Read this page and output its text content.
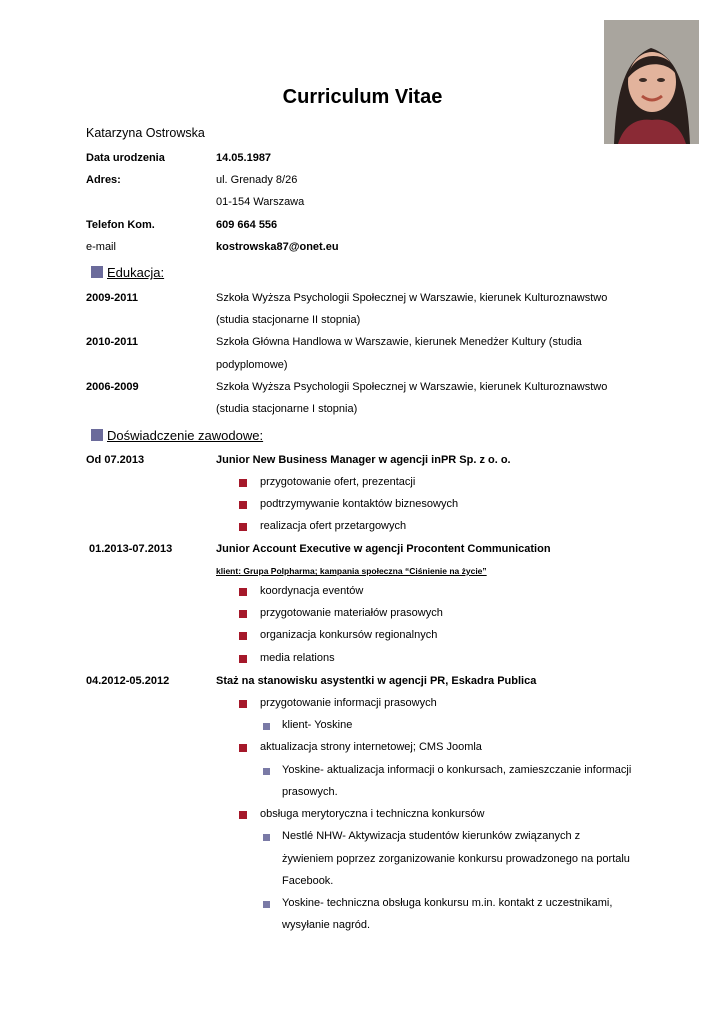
Curriculum Vitae
Katarzyna Ostrowska
Data urodzenia	14.05.1987
Adres:	ul. Grenady 8/26
01-154 Warszawa
Telefon Kom.	609 664 556
e-mail	kostrowska87@onet.eu
Edukacja:
2009-2011	Szkoła Wyższa Psychologii Społecznej w Warszawie, kierunek Kulturoznawstwo
(studia stacjonarne II stopnia)
2010-2011	Szkoła Główna Handlowa w Warszawie, kierunek Menedżer Kultury (studia
podyplomowe)
2006-2009	Szkoła Wyższa Psychologii Społecznej w Warszawie, kierunek Kulturoznawstwo
(studia stacjonarne I stopnia)
Doświadczenie zawodowe:
Od 07.2013	Junior New Business Manager w agencji inPR Sp. z o. o.
przygotowanie ofert, prezentacji
podtrzymywanie kontaktów biznesowych
realizacja ofert przetargowych
01.2013-07.2013	Junior Account Executive w agencji Procontent Communication
klient: Grupa Polpharma; kampania społeczna “Ciśnienie na życie”
koordynacja eventów
przygotowanie materiałów prasowych
organizacja konkursów regionalnych
media relations
04.2012-05.2012	Staż na stanowisku asystentki w agencji PR, Eskadra Publica
przygotowanie informacji prasowych
klient- Yoskine
aktualizacja strony internetowej; CMS Joomla
Yoskine- aktualizacja informacji o konkursach, zamieszczanie informacji
prasowych.
obsługa merytoryczna i techniczna konkursów
Nestlé NHW- Aktywizacja studentów kierunków związanych z
żywieniem poprzez zorganizowanie konkursu prowadzonego na portalu
Facebook.
Yoskine- techniczna obsługa konkursu m.in. kontakt z uczestnikami,
wysyłanie nagród.
